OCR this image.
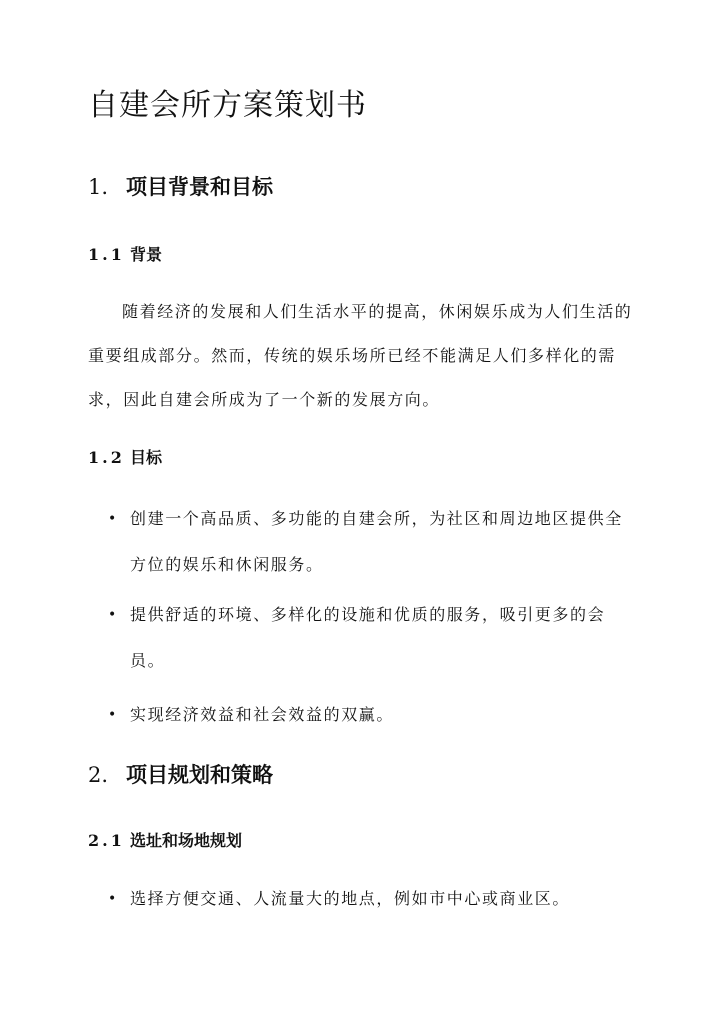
自建会所方案策划书
1. 项目背景和目标
1.1 背景

随着经济的发展和人们生活水平的提高，休闲娱乐成为人们生活的重要组成部分。然而，传统的娱乐场所已经不能满足人们多样化的需求，因此自建会所成为了一个新的发展方向。

1.2 目标
• 创建一个高品质、多功能的自建会所，为社区和周边地区提供全方位的娱乐和休闲服务。
• 提供舒适的环境、多样化的设施和优质的服务，吸引更多的会员。
• 实现经济效益和社会效益的双赢。
2. 项目规划和策略
2.1 选址和场地规划
• 选择方便交通、人流量大的地点，例如市中心或商业区。
